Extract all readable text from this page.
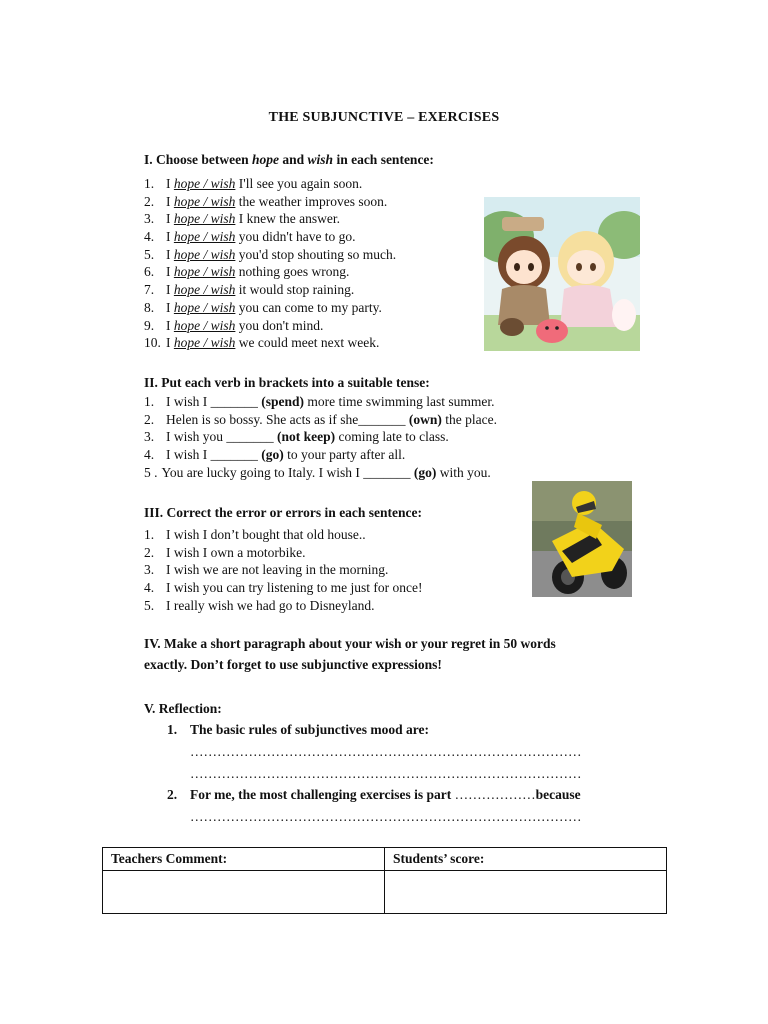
THE SUBJUNCTIVE – EXERCISES
I. Choose between hope and wish in each sentence:
1. I hope / wish I'll see you again soon.
2. I hope / wish the weather improves soon.
3. I hope / wish I knew the answer.
4. I hope / wish you didn't have to go.
5. I hope / wish you'd stop shouting so much.
6. I hope / wish nothing goes wrong.
7. I hope / wish it would stop raining.
8. I hope / wish you can come to my party.
9. I hope / wish you don't mind.
10. I hope / wish we could meet next week.
II. Put each verb in brackets into a suitable tense:
1. I wish I _______ (spend) more time swimming last summer.
2. Helen is so bossy. She acts as if she_______ (own) the place.
3. I wish you _______ (not keep) coming late to class.
4. I wish I _______ (go) to your party after all.
5 . You are lucky going to Italy. I wish I _______ (go) with you.
III. Correct the error or errors in each sentence:
1. I wish I don’t bought that old house..
2. I wish I own a motorbike.
3. I wish we are not leaving in the morning.
4. I wish you can try listening to me just for once!
5. I really wish we had go to Disneyland.
IV. Make a short paragraph about your wish or your regret in 50 words
exactly. Don’t forget to use subjunctive expressions!
V. Reflection:
1. The basic rules of subjunctives mood are:
……………………………………………………………………………
……………………………………………………………………………
2. For me, the most challenging exercises is part ………………because
……………………………………………………………………………
Teachers Comment:	Students’ score:
